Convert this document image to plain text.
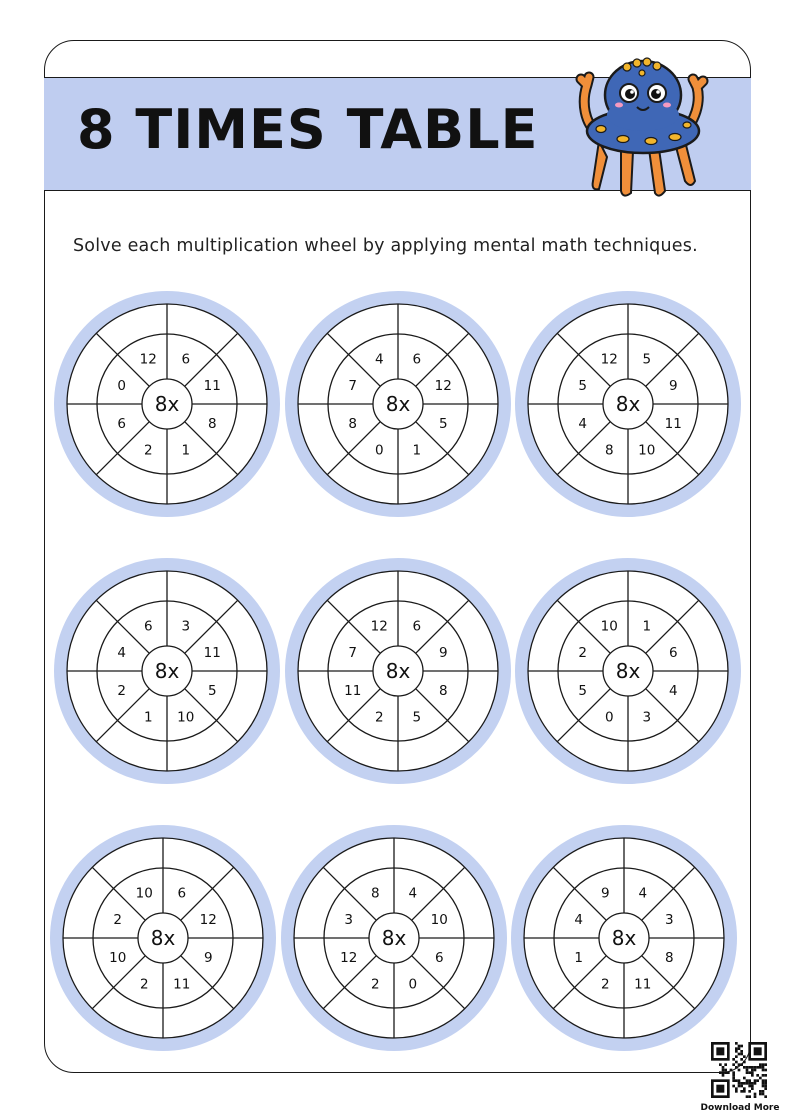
8 TIMES TABLE

Solve each multiplication wheel by applying mental math techniques.

8x
6
11
8
1
2
6
0
12
8x
6
12
5
1
0
8
7
4
8x
5
9
11
10
8
4
5
12
8x
3
11
5
10
1
2
4
6
8x
6
9
8
5
2
11
7
12
8x
1
6
4
3
0
5
2
10
8x
6
12
9
11
2
10
2
10
8x
4
10
6
0
2
12
3
8
8x
4
3
8
11
2
1
4
9
Download More
